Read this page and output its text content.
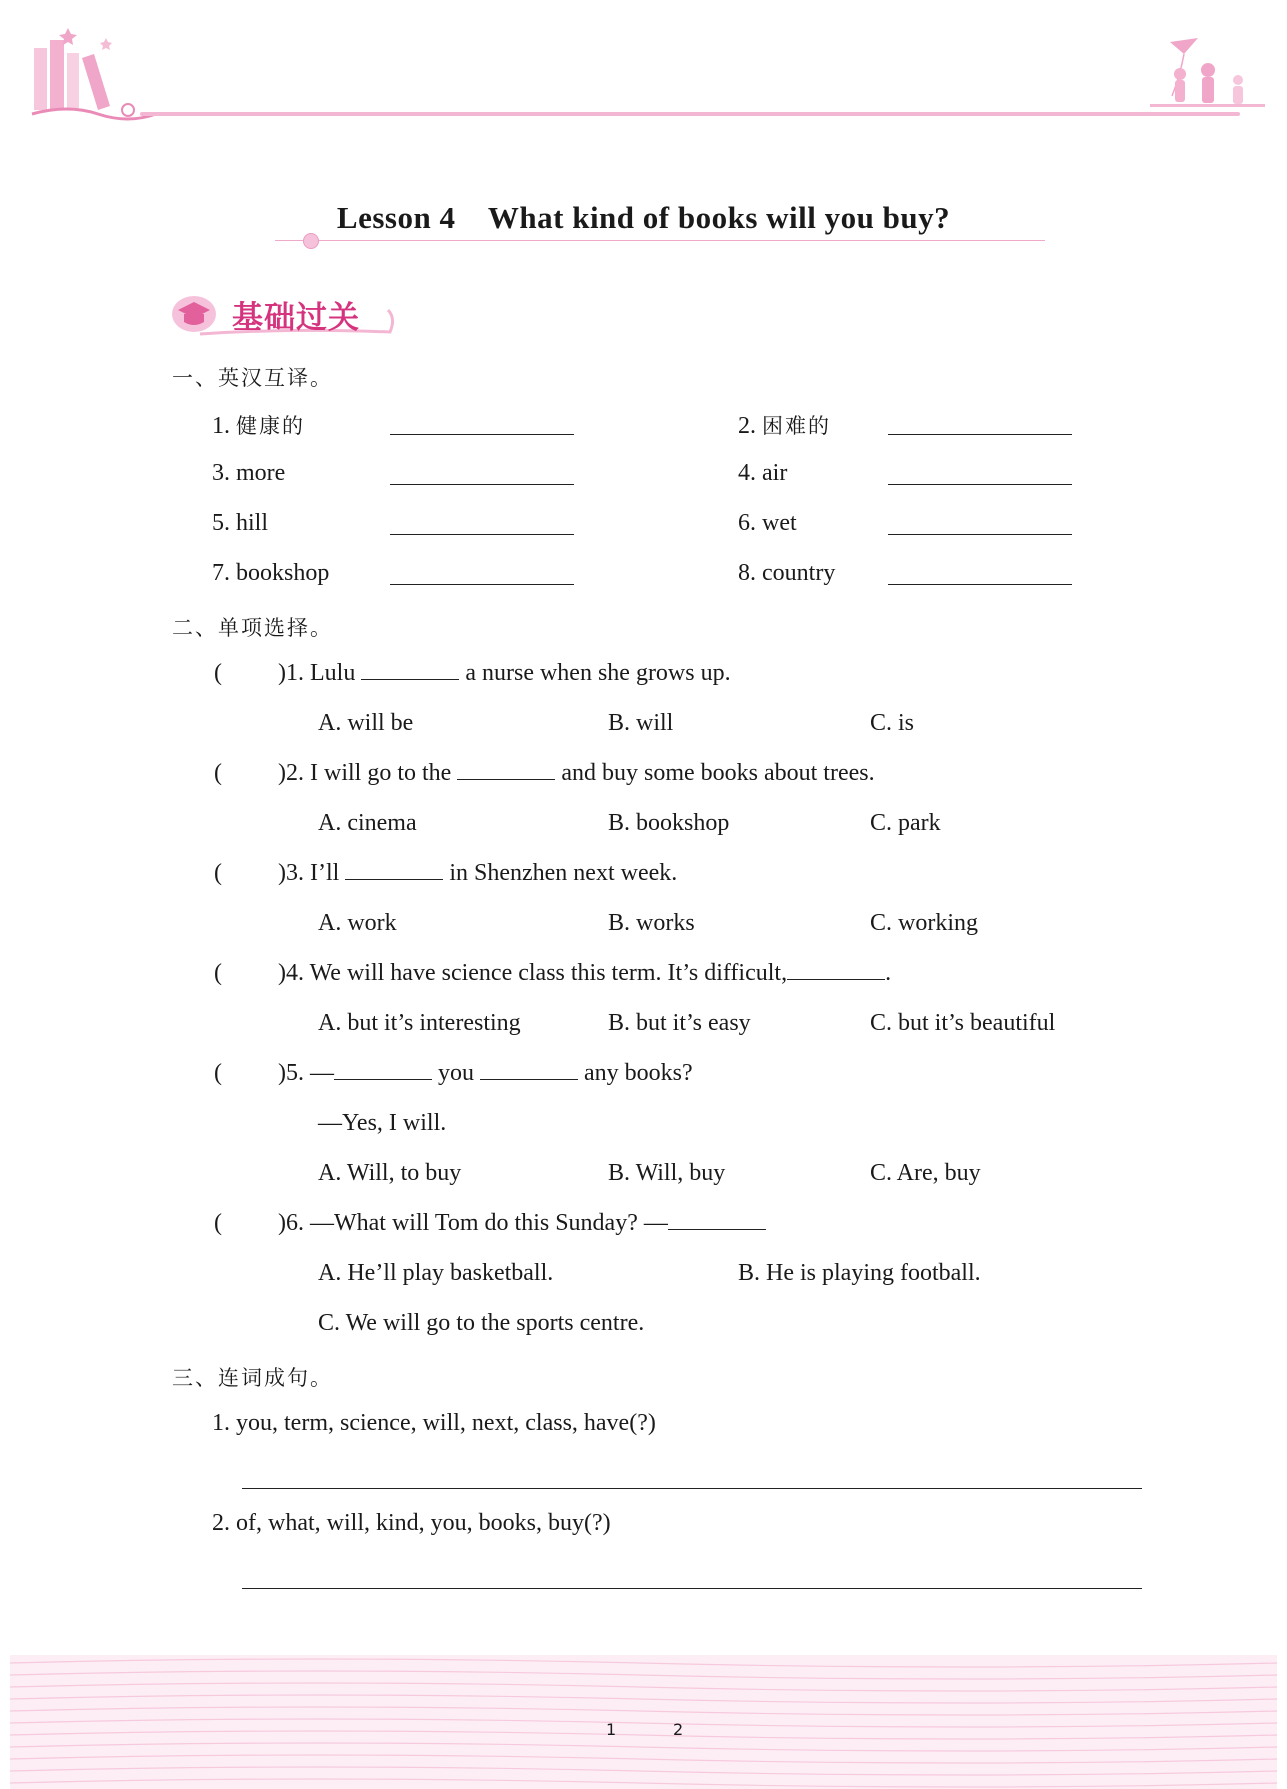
Lesson 4    What kind of books will you buy?
基础过关
一、英汉互译。
1. 健康的	2. 困难的
3. more	4. air
5. hill	6. wet
7. bookshop	8. country
二、单项选择。
( )1. Lulu	a nurse when she grows up.
A. will be	B. will	C. is
( )2. I will go to the	and buy some books about trees.
A. cinema	B. bookshop	C. park
( )3. I’ll	in Shenzhen next week.
A. work	B. works	C. working
( )4. We will have science class this term. It’s difficult,	.
A. but it’s interesting	B. but it’s easy	C. but it’s beautiful
( )5. —	you	any books?
—Yes, I will.
A. Will, to buy	B. Will, buy	C. Are, buy
( )6. —What will Tom do this Sunday? —
A. He’ll play basketball.	B. He is playing football.
C. We will go to the sports centre.
三、连词成句。
1. you, term, science, will, next, class, have(?)
2. of, what, will, kind, you, books, buy(?)
1	2
